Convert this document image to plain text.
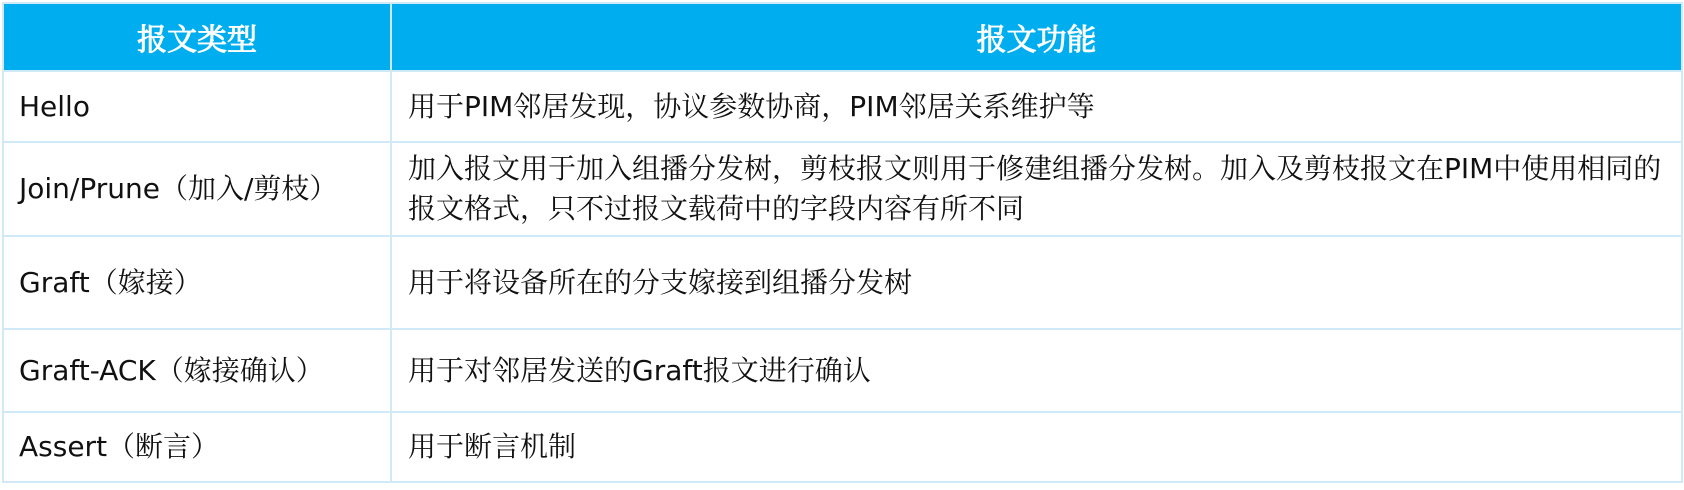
报文类型	报文功能
Hello	用于PIM邻居发现，协议参数协商，PIM邻居关系维护等
Join/Prune（加入/剪枝）	加入报文用于加入组播分发树，剪枝报文则用于修建组播分发树。加入及剪枝报文在PIM中使用相同的报文格式，只不过报文载荷中的字段内容有所不同
Graft（嫁接）	用于将设备所在的分支嫁接到组播分发树
Graft-ACK（嫁接确认）	用于对邻居发送的Graft报文进行确认
Assert（断言）	用于断言机制
